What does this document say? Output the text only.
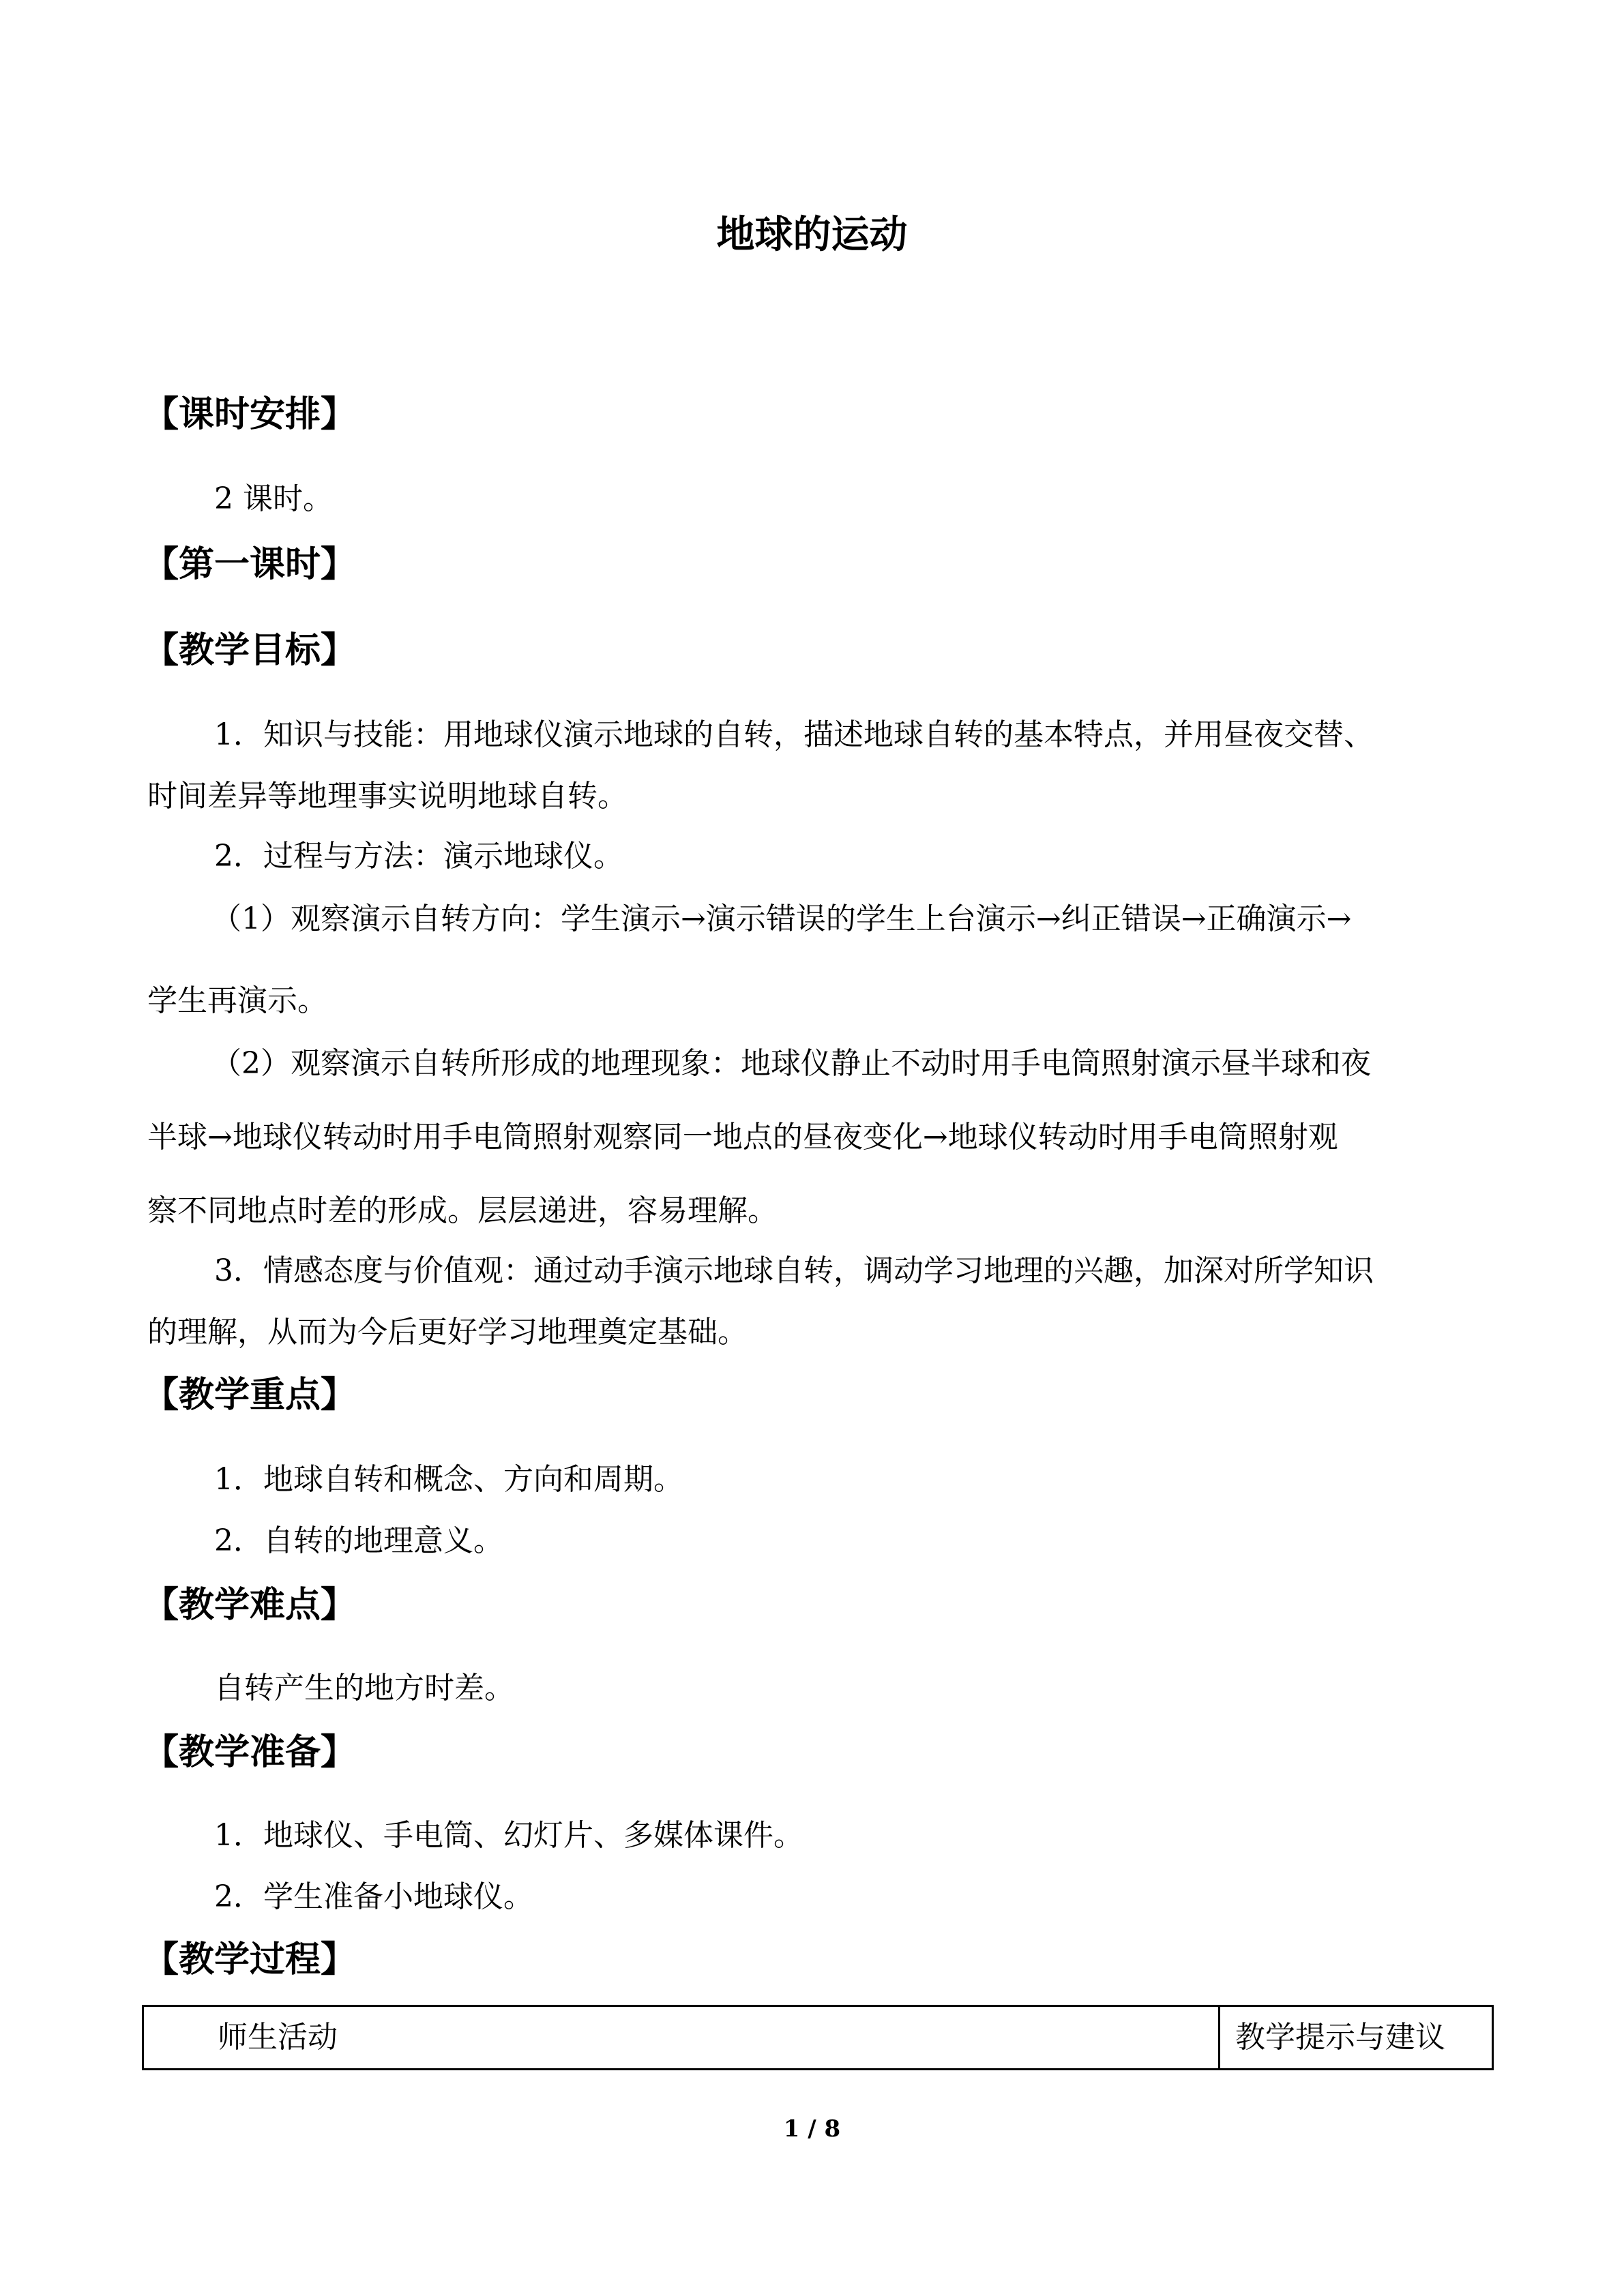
地球的运动
【课时安排】
2 课时。
【第一课时】
【教学目标】
1．知识与技能：用地球仪演示地球的自转，描述地球自转的基本特点，并用昼夜交替、
时间差异等地理事实说明地球自转。
2．过程与方法：演示地球仪。
（1）观察演示自转方向：学生演示→演示错误的学生上台演示→纠正错误→正确演示→
学生再演示。
（2）观察演示自转所形成的地理现象：地球仪静止不动时用手电筒照射演示昼半球和夜
半球→地球仪转动时用手电筒照射观察同一地点的昼夜变化→地球仪转动时用手电筒照射观
察不同地点时差的形成。层层递进，容易理解。
3．情感态度与价值观：通过动手演示地球自转，调动学习地理的兴趣，加深对所学知识
的理解，从而为今后更好学习地理奠定基础。
【教学重点】
1．地球自转和概念、方向和周期。
2．自转的地理意义。
【教学难点】
自转产生的地方时差。
【教学准备】
1．地球仪、手电筒、幻灯片、多媒体课件。
2．学生准备小地球仪。
【教学过程】
师生活动	教学提示与建议
1 / 8
